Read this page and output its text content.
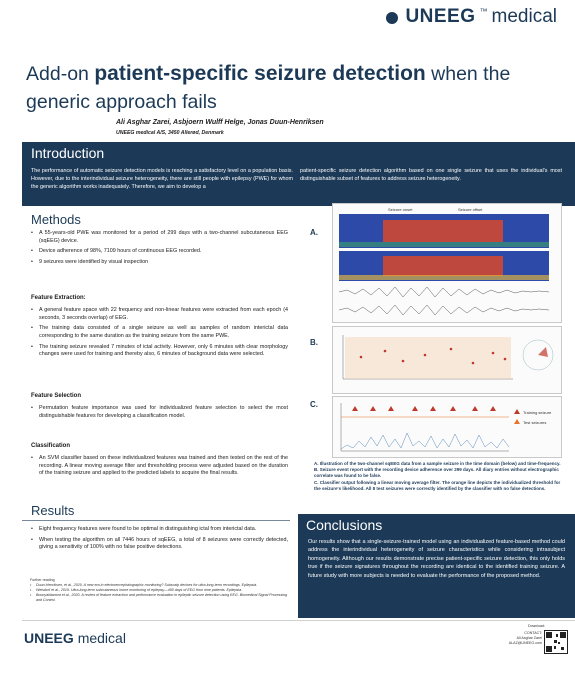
UNEEG ™ medical
Add-on patient-specific seizure detection when the generic approach fails
Ali Asghar Zarei, Asbjoern Wulff Helge, Jonas Duun-Henriksen
UNEEG medical A/S, 3450 Allerød, Denmark
Introduction

The performance of automatic seizure detection models is reaching a satisfactory level on a population basis. However, due to the interindividual seizure heterogeneity, there are still people with epilepsy (PWE) for whom the generic algorithm works inadequately. Therefore, we aim to develop a

patient-specific seizure detection algorithm based on one single seizure that uses the individual's most distinguishable subset of features to address seizure heterogeneity.

Methods
• A 55-years-old PWE was monitored for a period of 299 days with a two-channel subcutaneous EEG (sqEEG) device.
• Device adherence of 98%, 7109 hours of continuous EEG recorded.
• 9 seizures were identified by visual inspection
Feature Extraction:
• A general feature space with 22 frequency and non-linear features were extracted from each epoch (4 seconds, 3 seconds overlap) of EEG.
• The training data consisted of a single seizure as well as samples of random interictal data corresponding to the same duration as the training seizure from the same PWE.
• The training seizure revealed 7 minutes of ictal activity. However, only 6 minutes with clear morphology changes were used for training and thereby also, 6 minutes of background data were selected.
Feature Selection
• Permutation feature importance was used for individualized feature selection to select the most distinguishable features for developing a classification model.
Classification
• An SVM classifier based on these individualized features was trained and then tested on the rest of the recording. A linear moving average filter and thresholding process were adjusted based on the duration of the training seizure and applied to the predicted labels to acquire the final results.
Results
• Eight frequency features were found to be optimal in distinguishing ictal from interictal data.
• When testing the algorithm on all 7446 hours of sqEEG, a total of 8 seizures were correctly detected, giving a sensitivity of 100% with no false positive detections.
Further reading
• Duun-Henriksen, et al., 2020. A new era in electroencephalographic monitoring? Subscalp devices for ultra-long-term recordings. Epilepsia.
• Weisdorf et al., 2019. Ultra-long-term subcutaneous home monitoring of epilepsy—490 days of EEG from nine patients. Epilepsia.
• Boonyakitanont et al., 2020. A review of feature extraction and performance evaluation in epileptic seizure detection using EEG. Biomedical Signal Processing and Control.
A.
Seizure onset	Seizure offset
B.
C.
Training seizure
Test seizures
A. Illustration of the two-channel sqEEG data from a sample seizure in the time domain (below) and time-frequency.
B. Seizure event report with the recording device adherence over 299 days. All diary entries without electrographic correlate was found to be false.
C. Classifier output following a linear moving average filter. The orange line depicts the individualized threshold for the seizure's likelihood. All 8 test seizures were correctly identified by the classifier with no false detections.
Conclusions

Our results show that a single-seizure-trained model using an individualized feature-based method could address the interindividual heterogeneity of seizure characteristics while considering intrasubject homogeneity. Although our results demonstrate precise patient-specific seizure detection, this only holds true if the seizure signatures throughout the recording are identical to the identified training seizure. A future study with more subjects is needed to evaluate the performance of the proposed method.

UNEEG medical
Download:
CONTACT:
Ali Asghar Zarei
ALAZ@UNEEG.com
